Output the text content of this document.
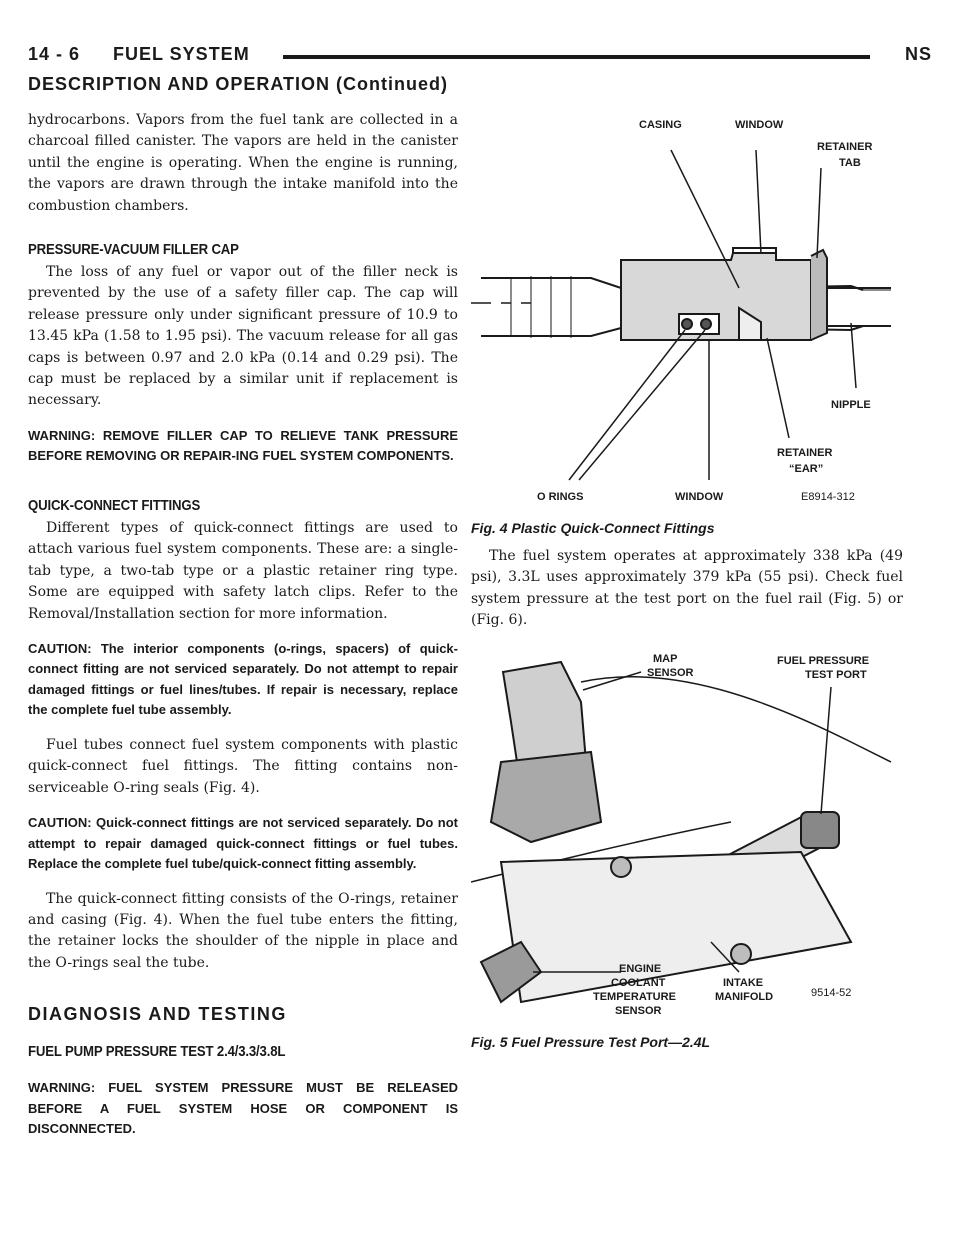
14 - 6 FUEL SYSTEM	NS
DESCRIPTION AND OPERATION (Continued)

hydrocarbons. Vapors from the fuel tank are collected in a charcoal filled canister. The vapors are held in the canister until the engine is operating. When the engine is running, the vapors are drawn through the intake manifold into the combustion chambers.

PRESSURE-VACUUM FILLER CAP

The loss of any fuel or vapor out of the filler neck is prevented by the use of a safety filler cap. The cap will release pressure only under significant pressure of 10.9 to 13.45 kPa (1.58 to 1.95 psi). The vacuum release for all gas caps is between 0.97 and 2.0 kPa (0.14 and 0.29 psi). The cap must be replaced by a similar unit if replacement is necessary.

WARNING: REMOVE FILLER CAP TO RELIEVE TANK PRESSURE BEFORE REMOVING OR REPAIR-ING FUEL SYSTEM COMPONENTS.

QUICK-CONNECT FITTINGS

Different types of quick-connect fittings are used to attach various fuel system components. These are: a single-tab type, a two-tab type or a plastic retainer ring type. Some are equipped with safety latch clips. Refer to the Removal/Installation section for more information.

CAUTION: The interior components (o-rings, spacers) of quick-connect fitting are not serviced separately. Do not attempt to repair damaged fittings or fuel lines/tubes. If repair is necessary, replace the complete fuel tube assembly.

Fuel tubes connect fuel system components with plastic quick-connect fuel fittings. The fitting contains non-serviceable O-ring seals (Fig. 4).

CAUTION: Quick-connect fittings are not serviced separately. Do not attempt to repair damaged quick-connect fittings or fuel tubes. Replace the complete fuel tube/quick-connect fitting assembly.

The quick-connect fitting consists of the O-rings, retainer and casing (Fig. 4). When the fuel tube enters the fitting, the retainer locks the shoulder of the nipple in place and the O-rings seal the tube.

DIAGNOSIS AND TESTING
FUEL PUMP PRESSURE TEST 2.4/3.3/3.8L

WARNING: FUEL SYSTEM PRESSURE MUST BE RELEASED BEFORE A FUEL SYSTEM HOSE OR COMPONENT IS DISCONNECTED.

CASING	WINDOW
RETAINER
TAB
NIPPLE
RETAINER
“EAR”
O RINGS	WINDOW	E8914-312
Fig. 4 Plastic Quick-Connect Fittings

The fuel system operates at approximately 338 kPa (49 psi), 3.3L uses approximately 379 kPa (55 psi). Check fuel system pressure at the test port on the fuel rail (Fig. 5) or (Fig. 6).

MAP
SENSOR
FUEL PRESSURE
TEST PORT
ENGINE
COOLANT
TEMPERATURE
SENSOR
INTAKE
MANIFOLD	9514-52
Fig. 5 Fuel Pressure Test Port—2.4L
